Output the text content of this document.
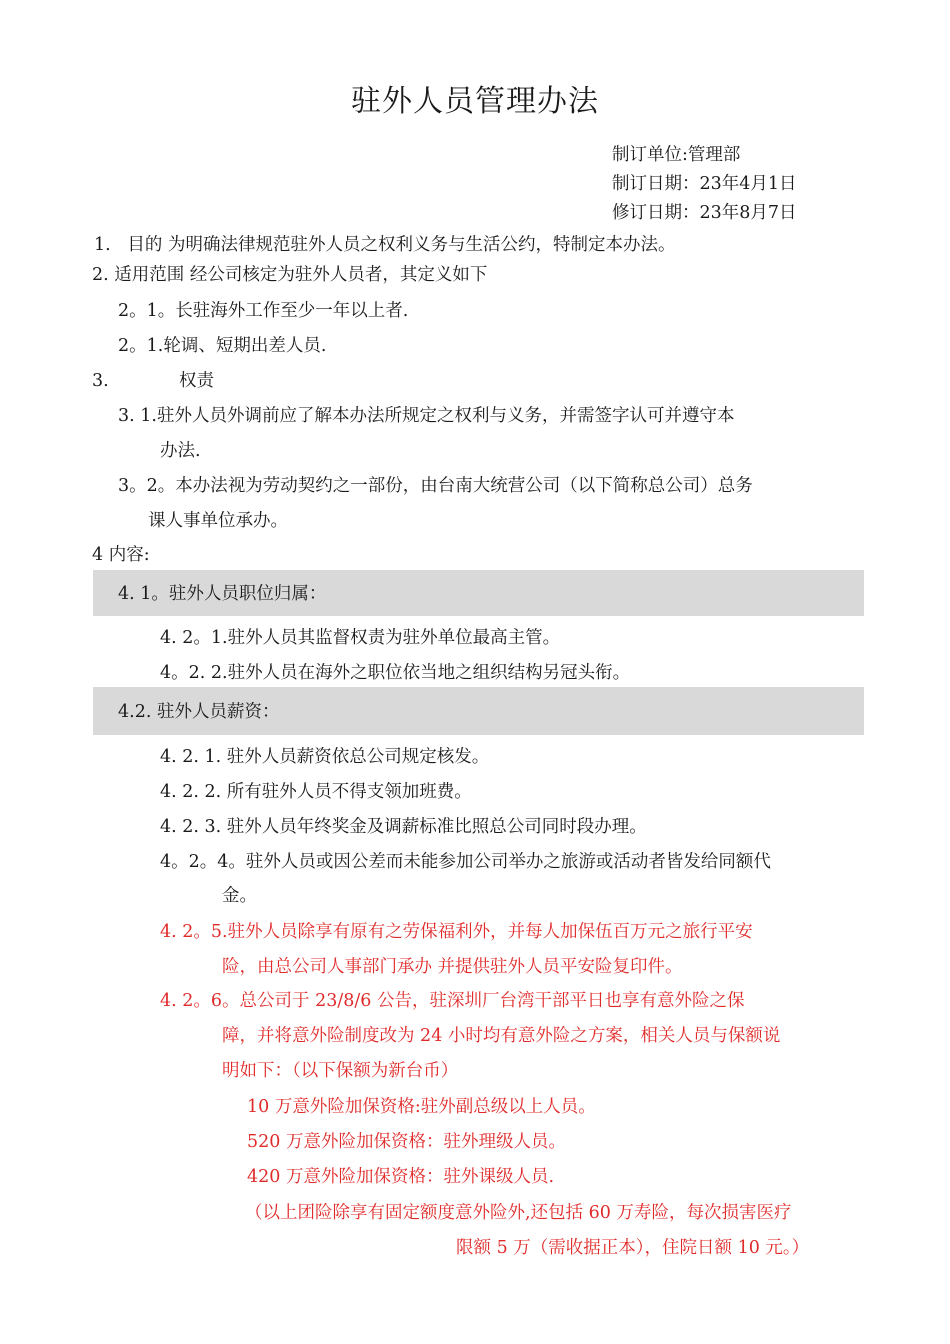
驻外人员管理办法
制订单位:管理部
制订日期：23年4月1日
修订日期：23年8月7日
1.   目的 为明确法律规范驻外人员之权利义务与生活公约，特制定本办法。
2. 适用范围 经公司核定为驻外人员者，其定义如下
2。1。长驻海外工作至少一年以上者.
2。1.轮调、短期出差人员.
3.	权责
3. 1.驻外人员外调前应了解本办法所规定之权利与义务，并需签字认可并遵守本
办法.
3。2。本办法视为劳动契约之一部份，由台南大统营公司（以下简称总公司）总务
课人事单位承办。
4 内容:
4. 1。驻外人员职位归属：
4. 2。1.驻外人员其监督权责为驻外单位最高主管。
4。2. 2.驻外人员在海外之职位依当地之组织结构另冠头衔。
4.2. 驻外人员薪资：
4. 2. 1. 驻外人员薪资依总公司规定核发。
4. 2. 2. 所有驻外人员不得支领加班费。
4. 2. 3. 驻外人员年终奖金及调薪标准比照总公司同时段办理。
4。2。4。驻外人员或因公差而未能参加公司举办之旅游或活动者皆发给同额代
金。
4. 2。5.驻外人员除享有原有之劳保福利外，并每人加保伍百万元之旅行平安
险，由总公司人事部门承办 并提供驻外人员平安险复印件。
4. 2。6。总公司于 23/8/6 公告，驻深圳厂台湾干部平日也享有意外险之保
障，并将意外险制度改为 24 小时均有意外险之方案，相关人员与保额说
明如下：（以下保额为新台币）
10 万意外险加保资格:驻外副总级以上人员。
520 万意外险加保资格：驻外理级人员。
420 万意外险加保资格：驻外课级人员.
（以上团险除享有固定额度意外险外,还包括 60 万寿险，每次损害医疗
限额 5 万（需收据正本），住院日额 10 元。）
